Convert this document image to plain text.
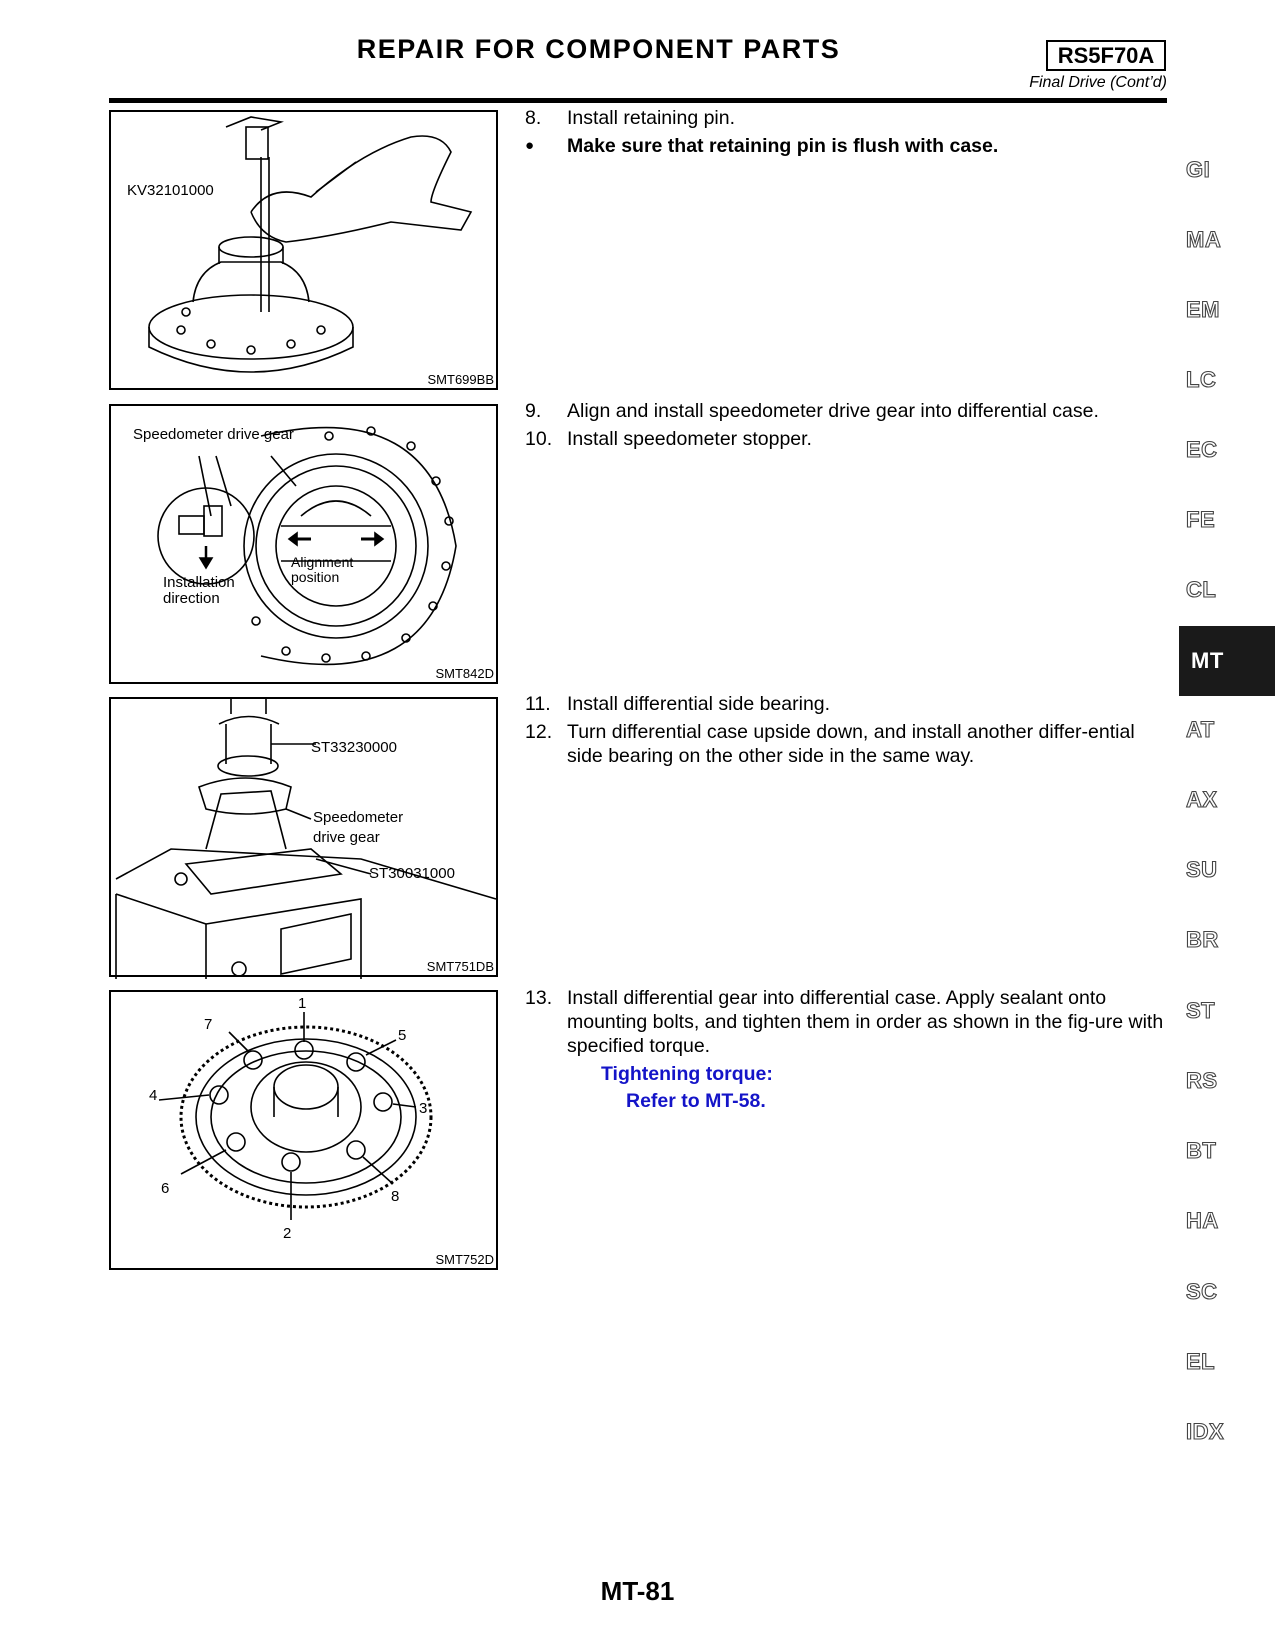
REPAIR FOR COMPONENT PARTS	RS5F70A
Final Drive (Cont’d)
KV32101000
SMT699BB
Speedometer drive gear
Installation
direction
Alignment
position
SMT842D
ST33230000
Speedometer
drive gear
ST30031000
SMT751DB
1
2
3
4
5
6
7
8
SMT752D
8. Install retaining pin.
● Make sure that retaining pin is flush with case.
9. Align and install speedometer drive gear into differential case.
10. Install speedometer stopper.
11. Install differential side bearing.
12. Turn differential case upside down, and install another differ-ential side bearing on the other side in the same way.
13. Install differential gear into differential case. Apply sealant onto mounting bolts, and tighten them in order as shown in the fig-ure with specified torque.
Tightening torque:
Refer to MT-58.
GI
MA
EM
LC
EC
FE
CL
MT
AT
AX
SU
BR
ST
RS
BT
HA
SC
EL
IDX
MT-81
